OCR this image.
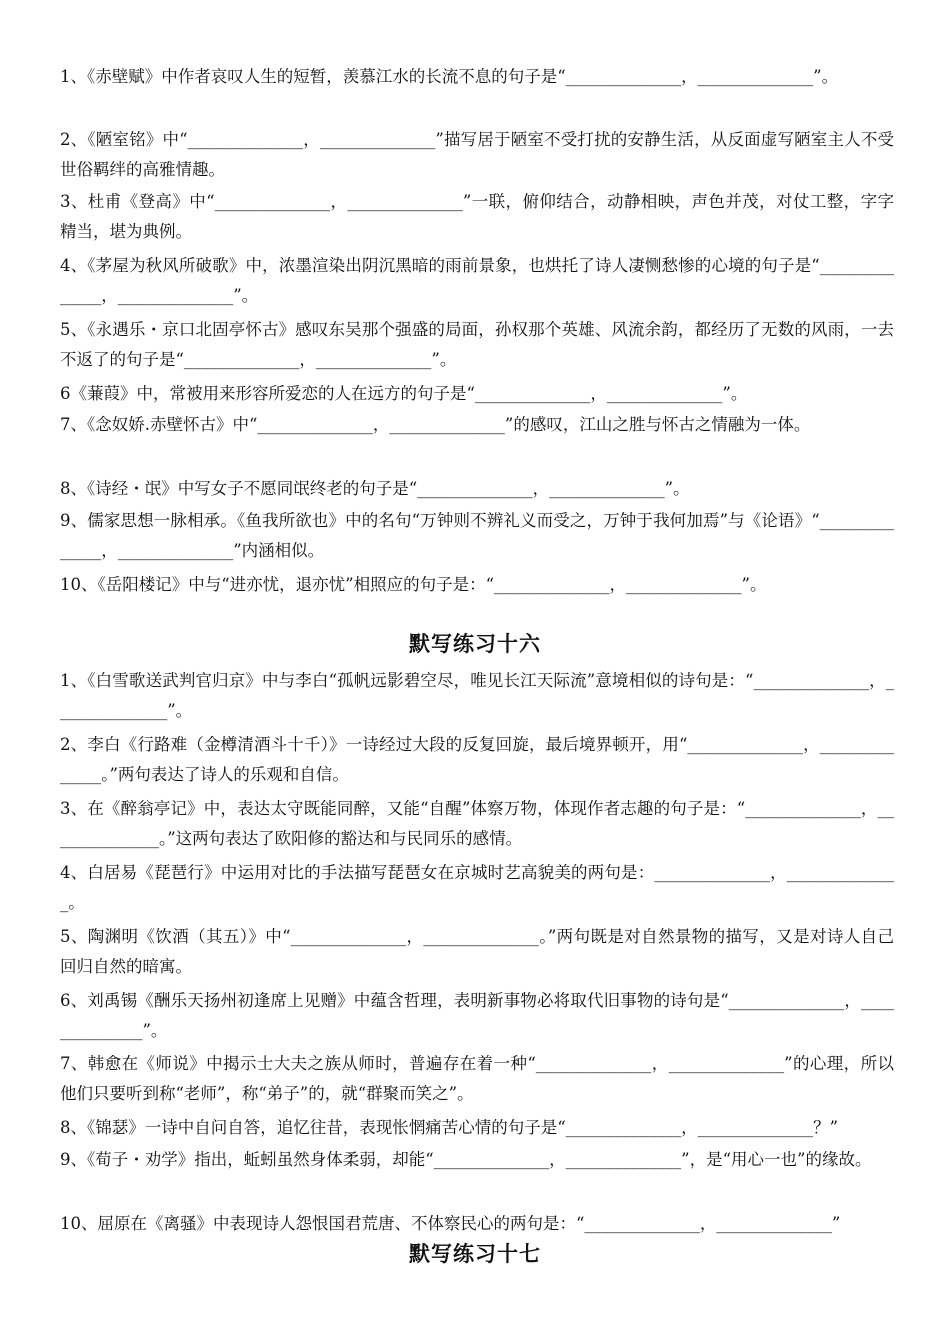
1、《赤壁赋》中作者哀叹人生的短暂，羡慕江水的长流不息的句子是“______________，______________”。

2、《陋室铭》中“______________，______________”描写居于陋室不受打扰的安静生活，从反面虚写陋室主人不受世俗羁绊的高雅情趣。

3、杜甫《登高》中“______________，______________”一联，俯仰结合，动静相映，声色并茂，对仗工整，字字精当，堪为典例。

4、《茅屋为秋风所破歌》中，浓墨渲染出阴沉黑暗的雨前景象，也烘托了诗人凄恻愁惨的心境的句子是“______________，______________”。

5、《永遇乐・京口北固亭怀古》感叹东吴那个强盛的局面，孙权那个英雄、风流余韵，都经历了无数的风雨，一去不返了的句子是“______________，______________”。

6《蒹葭》中，常被用来形容所爱恋的人在远方的句子是“______________，______________”。

7、《念奴娇.赤壁怀古》中“______________，______________”的感叹，江山之胜与怀古之情融为一体。

8、《诗经・氓》中写女子不愿同氓终老的句子是“______________，______________”。

9、儒家思想一脉相承。《鱼我所欲也》中的名句“万钟则不辨礼义而受之，万钟于我何加焉”与《论语》“______________，______________”内涵相似。

10、《岳阳楼记》中与“进亦忧，退亦忧”相照应的句子是：“______________，______________”。

默写练习十六

1、《白雪歌送武判官归京》中与李白“孤帆远影碧空尽，唯见长江天际流”意境相似的诗句是：“______________，______________”。

2、李白《行路难（金樽清酒斗十千）》一诗经过大段的反复回旋，最后境界顿开，用“______________，______________。”两句表达了诗人的乐观和自信。

3、在《醉翁亭记》中，表达太守既能同醉，又能“自醒”体察万物，体现作者志趣的句子是：“______________，______________。”这两句表达了欧阳修的豁达和与民同乐的感情。

4、白居易《琵琶行》中运用对比的手法描写琵琶女在京城时艺高貌美的两句是：______________，______________。

5、陶渊明《饮酒（其五）》中“______________，______________。”两句既是对自然景物的描写，又是对诗人自己回归自然的暗寓。

6、刘禹锡《酬乐天扬州初逢席上见赠》中蕴含哲理，表明新事物必将取代旧事物的诗句是“______________，______________”。

7、韩愈在《师说》中揭示士大夫之族从师时，普遍存在着一种“______________，______________”的心理，所以他们只要听到称“老师”，称“弟子”的，就“群聚而笑之”。

8、《锦瑟》一诗中自问自答，追忆往昔，表现怅惘痛苦心情的句子是“______________，______________？”

9、《荀子・劝学》指出，蚯蚓虽然身体柔弱，却能“______________，______________”，是“用心一也”的缘故。

10、屈原在《离骚》中表现诗人怨恨国君荒唐、不体察民心的两句是：“______________，______________”

默写练习十七
